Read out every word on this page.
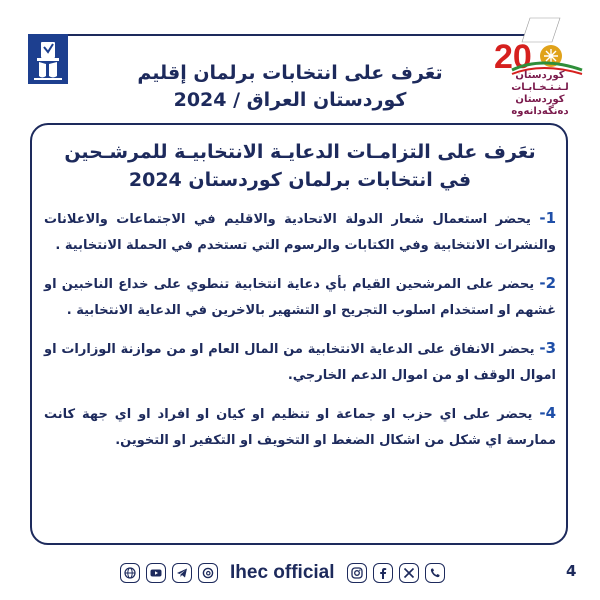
20
كوردستان لـنـتـخـابـات
كوردستان دەنگەدانەوە
تعَرف على انتخابات برلمان إقليم كوردستان العراق / 2024
تعَرف على التزامـات الدعايـة الانتخابيـة للمرشـحين في انتخابات برلمان كوردستان 2024
1- يحضر استعمال شعار الدولة الاتحادية والاقليم في الاجتماعات والاعلانات والنشرات الانتخابية وفي الكتابات والرسوم التي تستخدم في الحملة الانتخابية .
2- يحضر على المرشحين القيام بأي دعاية انتخابية تنطوي على خداع الناخبين او غشهم او استخدام اسلوب التجريح او التشهير بالاخرين في الدعاية الانتخابية .
3- يحضر الانفاق على الدعاية الانتخابية من المال العام او من موازنة الوزارات او اموال الوقف او من اموال الدعم الخارجي.
4- يحضر على اي حزب او جماعة او تنظيم او كيان او افراد او اي جهة كانت ممارسة اي شكل من اشكال الضغط او التخويف او التكفير او التخوين.
Ihec official	4
